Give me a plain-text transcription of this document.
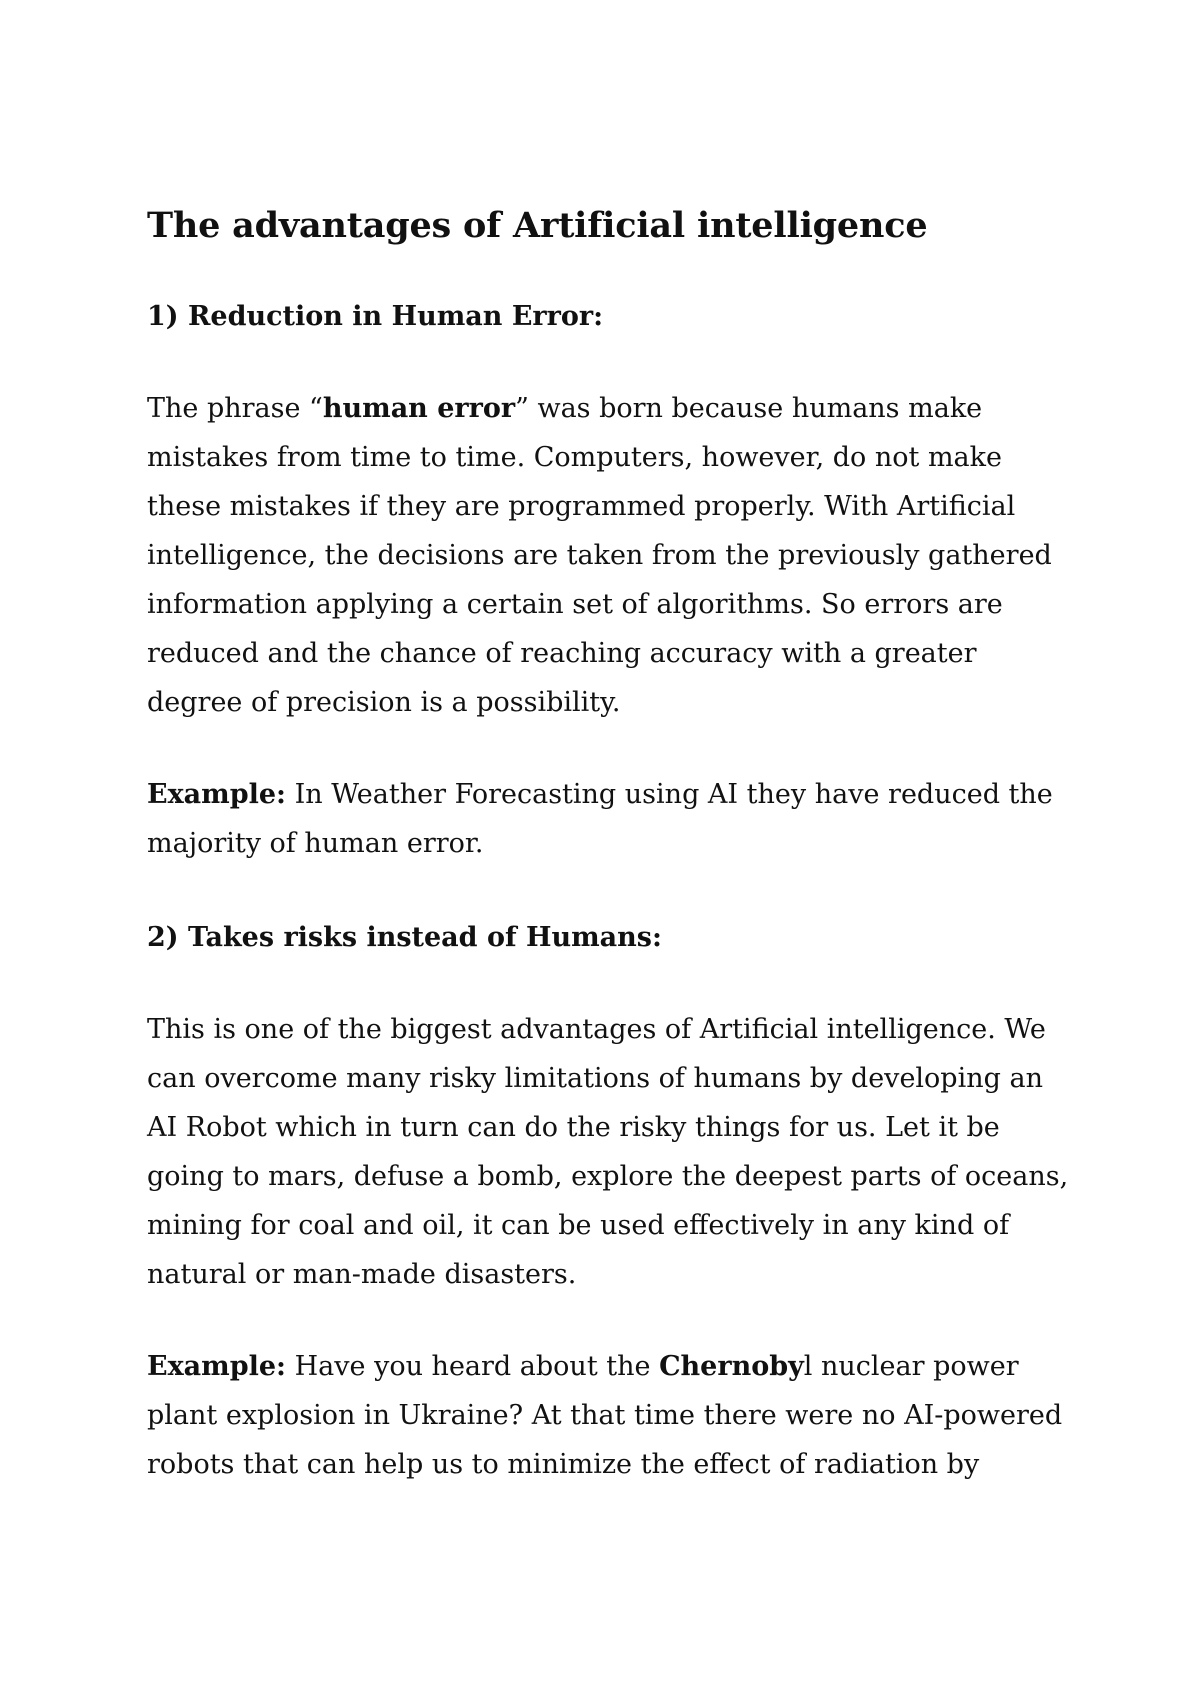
The advantages of Artificial intelligence
1) Reduction in Human Error:

The phrase “human error” was born because humans make mistakes from time to time. Computers, however, do not make these mistakes if they are programmed properly. With Artificial intelligence, the decisions are taken from the previously gathered information applying a certain set of algorithms. So errors are reduced and the chance of reaching accuracy with a greater degree of precision is a possibility.

Example: In Weather Forecasting using AI they have reduced the majority of human error.

2) Takes risks instead of Humans:

This is one of the biggest advantages of Artificial intelligence. We can overcome many risky limitations of humans by developing an AI Robot which in turn can do the risky things for us. Let it be going to mars, defuse a bomb, explore the deepest parts of oceans, mining for coal and oil, it can be used effectively in any kind of natural or man-made disasters.

Example: Have you heard about the Chernobyl nuclear power plant explosion in Ukraine? At that time there were no AI-powered robots that can help us to minimize the effect of radiation by
